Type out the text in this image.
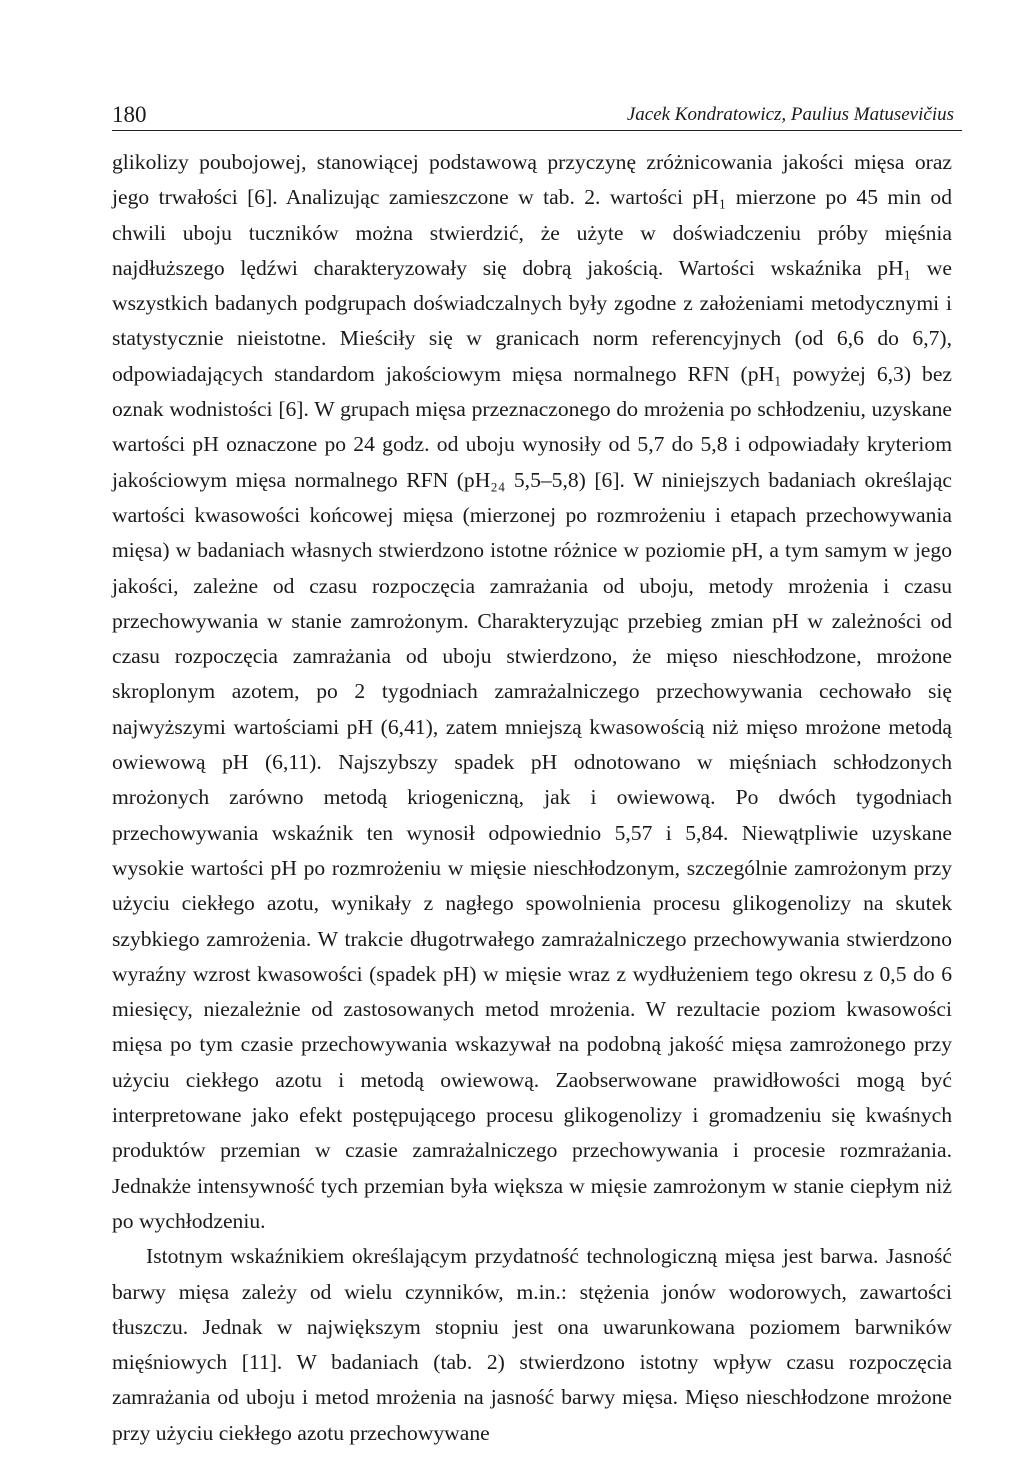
180	Jacek Kondratowicz, Paulius Matusevičius

glikolizy poubojowej, stanowiącej podstawową przyczynę zróżnicowania jakości mięsa oraz jego trwałości [6]. Analizując zamieszczone w tab. 2. wartości pH₁ mierzone po 45 min od chwili uboju tuczników można stwierdzić, że użyte w doświadczeniu próby mięśnia najdłuższego lędźwi charakteryzowały się dobrą jakością. Wartości wskaźnika pH₁ we wszystkich badanych podgrupach doświadczalnych były zgodne z założeniami metodycznymi i statystycznie nieistotne. Mieściły się w granicach norm referencyjnych (od 6,6 do 6,7), odpowiadających standardom jakościowym mięsa normalnego RFN (pH₁ powyżej 6,3) bez oznak wodnistości [6]. W grupach mięsa przeznaczonego do mrożenia po schłodzeniu, uzyskane wartości pH oznaczone po 24 godz. od uboju wynosiły od 5,7 do 5,8 i odpowiadały kryteriom jakościowym mięsa normalnego RFN (pH₂₄ 5,5–5,8) [6]. W niniejszych badaniach określając wartości kwasowości końcowej mięsa (mierzonej po rozmrożeniu i etapach przechowywania mięsa) w badaniach własnych stwierdzono istotne różnice w poziomie pH, a tym samym w jego jakości, zależne od czasu rozpoczęcia zamrażania od uboju, metody mrożenia i czasu przechowywania w stanie zamrożonym. Charakteryzując przebieg zmian pH w zależności od czasu rozpoczęcia zamrażania od uboju stwierdzono, że mięso nieschłodzone, mrożone skroplonym azotem, po 2 tygodniach zamrażalniczego przechowywania cechowało się najwyższymi wartościami pH (6,41), zatem mniejszą kwasowością niż mięso mrożone metodą owiewową pH (6,11). Najszybszy spadek pH odnotowano w mięśniach schłodzonych mrożonych zarówno metodą kriogeniczną, jak i owiewową. Po dwóch tygodniach przechowywania wskaźnik ten wynosił odpowiednio 5,57 i 5,84. Niewątpliwie uzyskane wysokie wartości pH po rozmrożeniu w mięsie nieschłodzonym, szczególnie zamrożonym przy użyciu ciekłego azotu, wynikały z nagłego spowolnienia procesu glikogenolizy na skutek szybkiego zamrożenia. W trakcie długotrwałego zamrażalniczego przechowywania stwierdzono wyraźny wzrost kwasowości (spadek pH) w mięsie wraz z wydłużeniem tego okresu z 0,5 do 6 miesięcy, niezależnie od zastosowanych metod mrożenia. W rezultacie poziom kwasowości mięsa po tym czasie przechowywania wskazywał na podobną jakość mięsa zamrożonego przy użyciu ciekłego azotu i metodą owiewową. Zaobserwowane prawidłowości mogą być interpretowane jako efekt postępującego procesu glikogenolizy i gromadzeniu się kwaśnych produktów przemian w czasie zamrażalniczego przechowywania i procesie rozmrażania. Jednakże intensywność tych przemian była większa w mięsie zamrożonym w stanie ciepłym niż po wychłodzeniu.

Istotnym wskaźnikiem określającym przydatność technologiczną mięsa jest barwa. Jasność barwy mięsa zależy od wielu czynników, m.in.: stężenia jonów wodorowych, zawartości tłuszczu. Jednak w największym stopniu jest ona uwarunkowana poziomem barwników mięśniowych [11]. W badaniach (tab. 2) stwierdzono istotny wpływ czasu rozpoczęcia zamrażania od uboju i metod mrożenia na jasność barwy mięsa. Mięso nieschłodzone mrożone przy użyciu ciekłego azotu przechowywane
